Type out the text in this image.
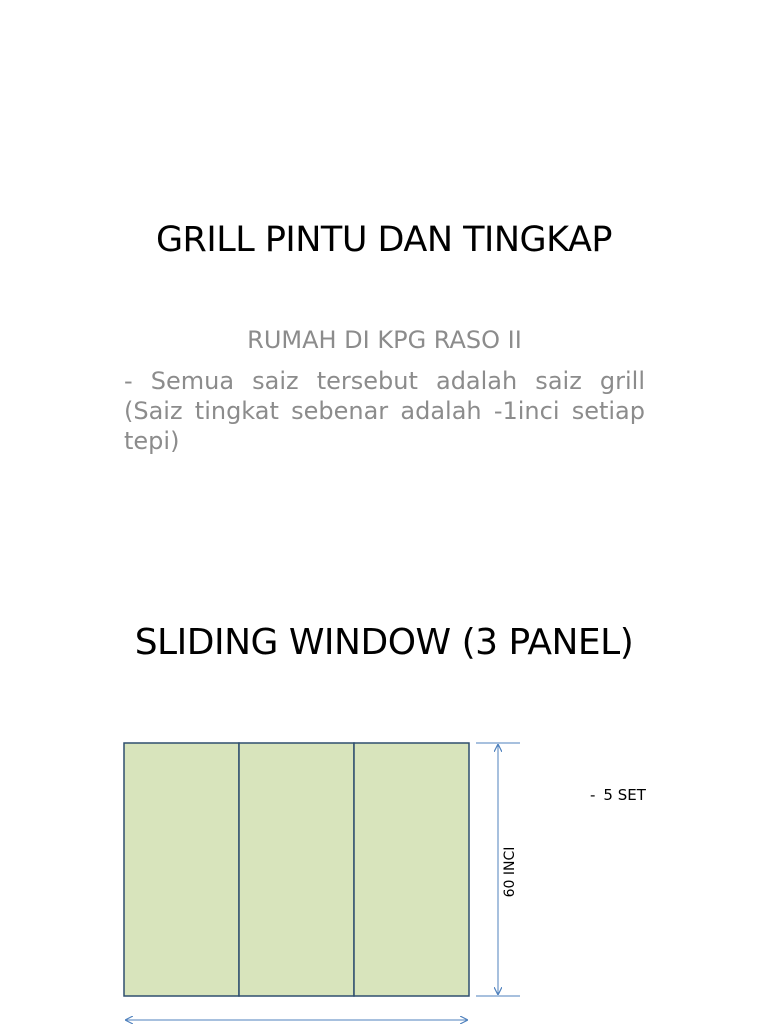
GRILL PINTU DAN TINGKAP
RUMAH DI KPG RASO II
- Semua saiz tersebut adalah saiz grill (Saiz tingkat sebenar adalah -1inci setiap tepi)
SLIDING WINDOW (3 PANEL)
60 INCI
- 5 SET
